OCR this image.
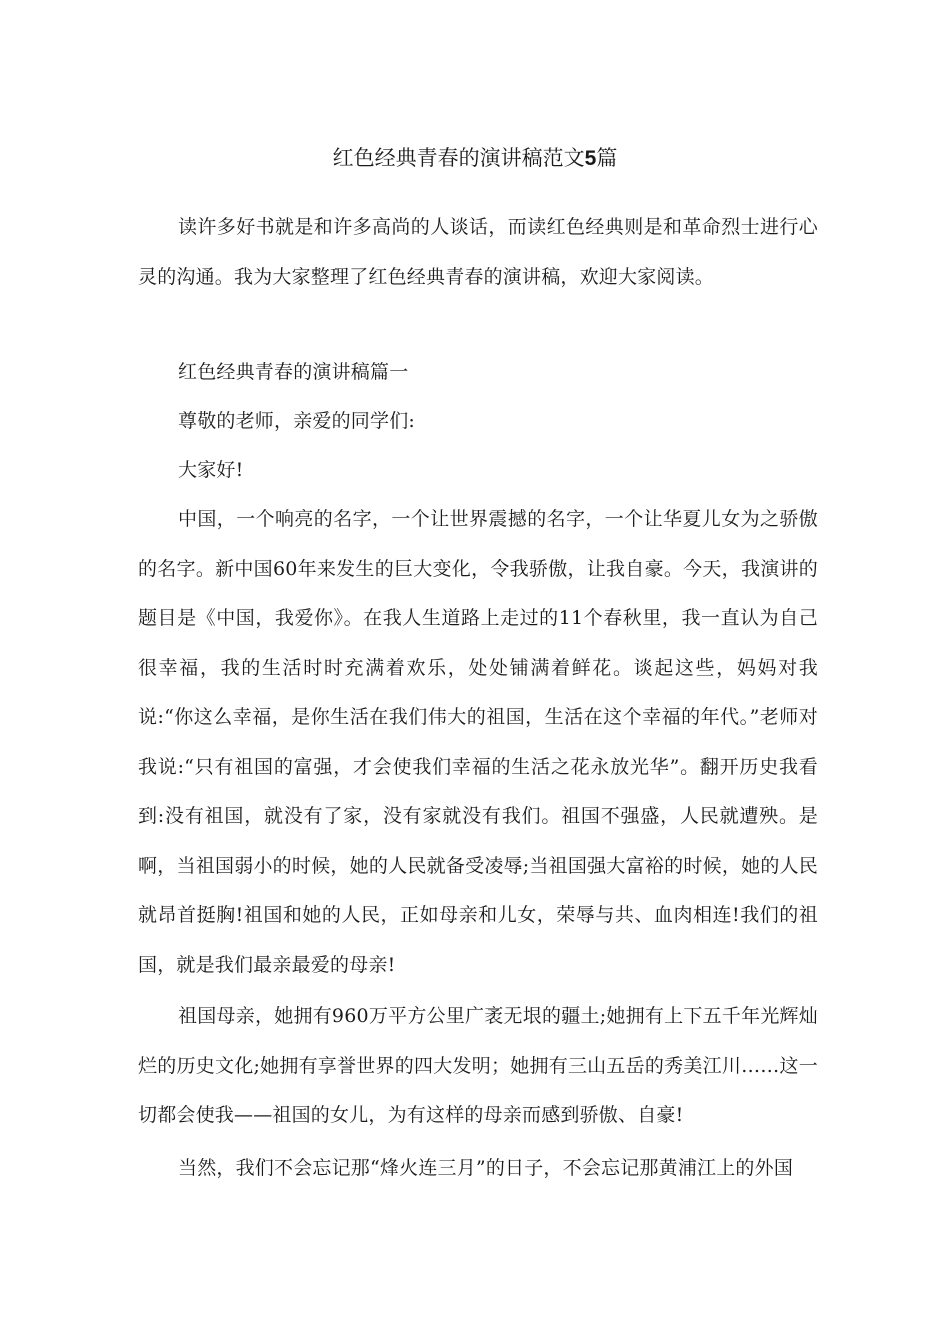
红色经典青春的演讲稿范文5篇

读许多好书就是和许多高尚的人谈话，而读红色经典则是和革命烈士进行心灵的沟通。我为大家整理了红色经典青春的演讲稿，欢迎大家阅读。

红色经典青春的演讲稿篇一

尊敬的老师，亲爱的同学们:

大家好!

中国，一个响亮的名字，一个让世界震撼的名字，一个让华夏儿女为之骄傲的名字。新中国60年来发生的巨大变化，令我骄傲，让我自豪。今天，我演讲的题目是《中国，我爱你》。在我人生道路上走过的11个春秋里，我一直认为自己很幸福，我的生活时时充满着欢乐，处处铺满着鲜花。谈起这些，妈妈对我说:“你这么幸福，是你生活在我们伟大的祖国，生活在这个幸福的年代。”老师对我说:“只有祖国的富强，才会使我们幸福的生活之花永放光华”。翻开历史我看到:没有祖国，就没有了家，没有家就没有我们。祖国不强盛，人民就遭殃。是啊，当祖国弱小的时候，她的人民就备受凌辱;当祖国强大富裕的时候，她的人民就昂首挺胸!祖国和她的人民，正如母亲和儿女，荣辱与共、血肉相连!我们的祖国，就是我们最亲最爱的母亲!

祖国母亲，她拥有960万平方公里广袤无垠的疆土;她拥有上下五千年光辉灿烂的历史文化;她拥有享誉世界的四大发明；她拥有三山五岳的秀美江川……这一切都会使我——祖国的女儿，为有这样的母亲而感到骄傲、自豪!

当然，我们不会忘记那“烽火连三月”的日子，不会忘记那黄浦江上的外国
